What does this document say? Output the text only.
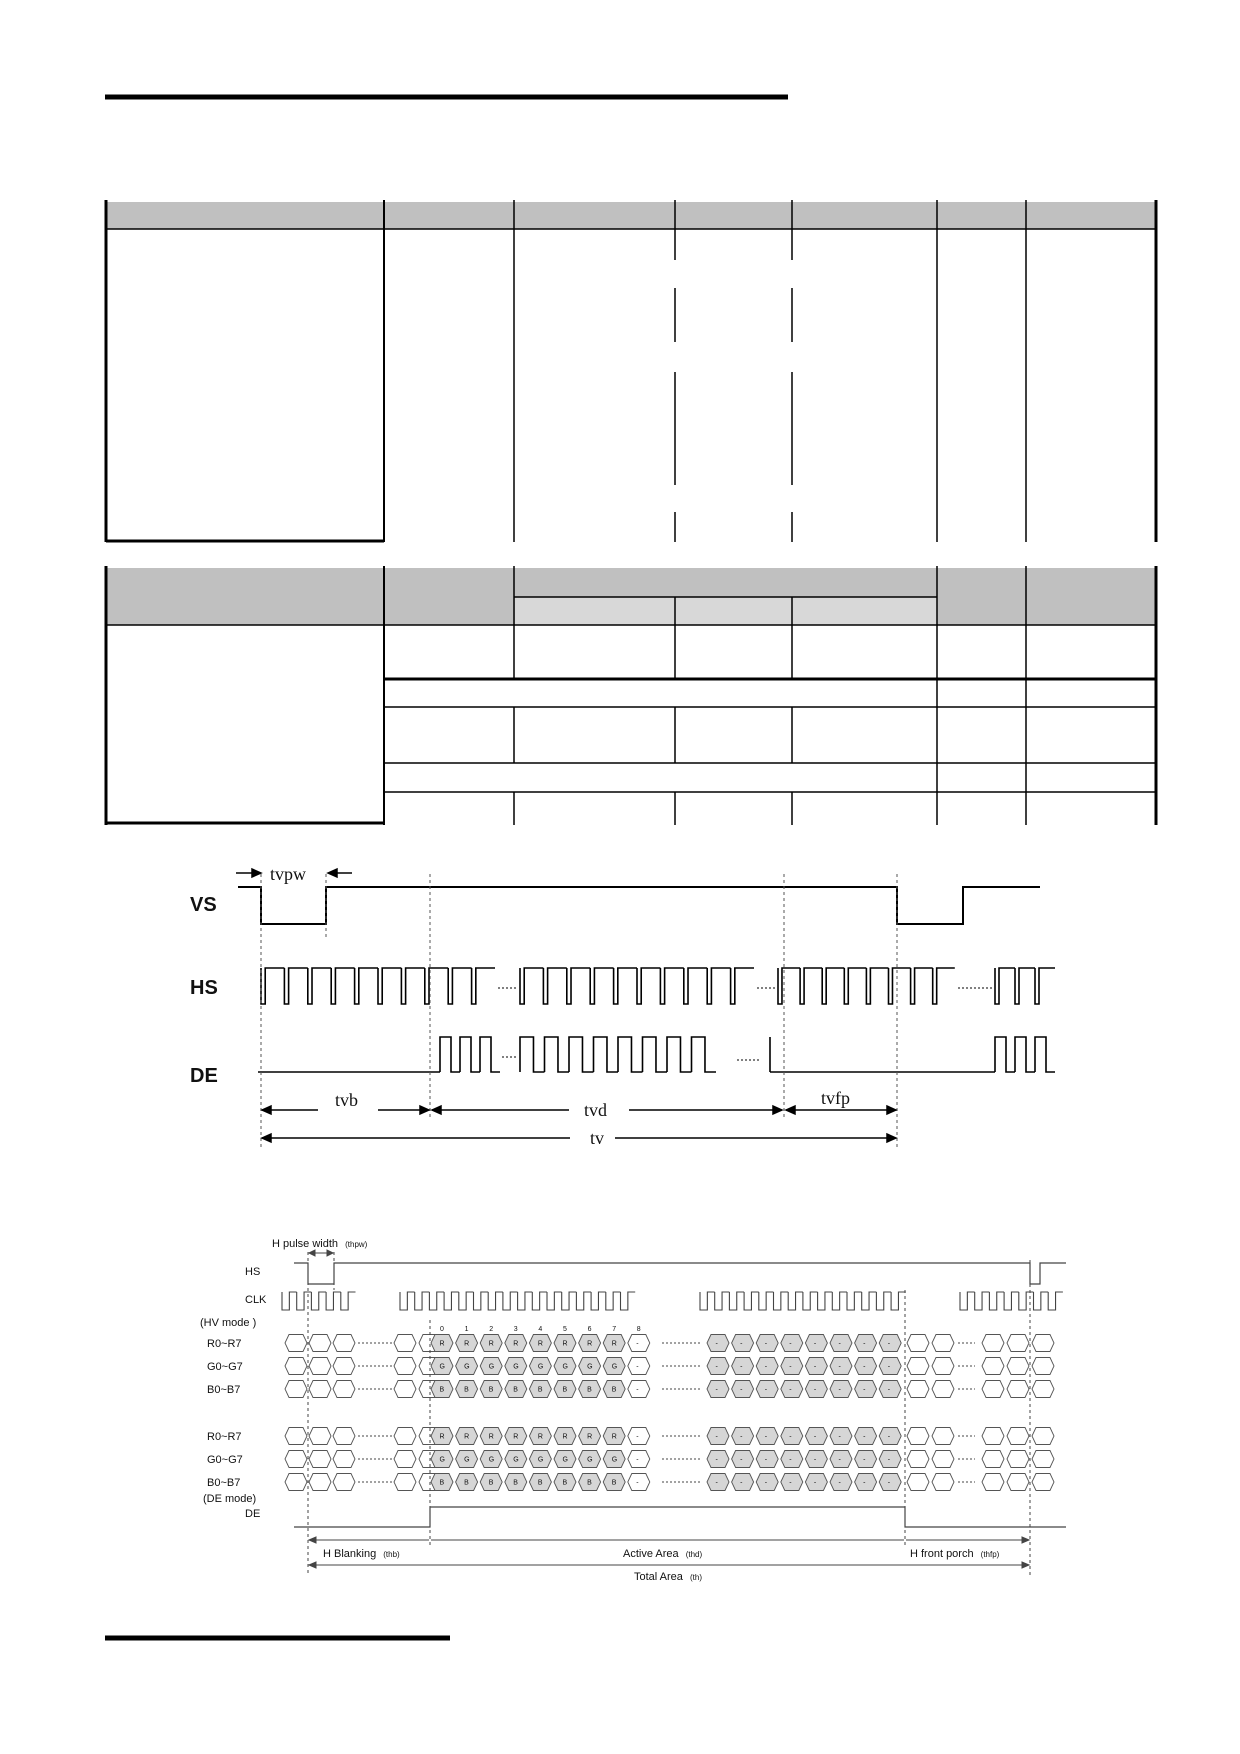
VS
HS
DE
tvpw
tvb	tvd
tvfp
tv
H pulse width (thpw)
HS
CLK
(HV mode )
R0~R7
G0~G7
B0~B7
R0~R7
G0~G7
B0~B7
(DE mode)
DE
R	R	R	R	R	R	R	R	-	-	-	-	-	-	-	-	-
G	G	G	G	G	G	G	G	-	-	-	-	-	-	-	-	-
B	B	B	B	B	B	B	B	-	-	-	-	-	-	-	-	-
R	R	R	R	R	R	R	R	-	-	-	-	-	-	-	-	-
G	G	G	G	G	G	G	G	-	-	-	-	-	-	-	-	-
B	B	B	B	B	B	B	B	-	-	-	-	-	-	-	-	-
0	1	2	3	4	5	6	7	8
H Blanking (thb)	Active Area (thd)	H front porch (thfp)
Total Area (th)
